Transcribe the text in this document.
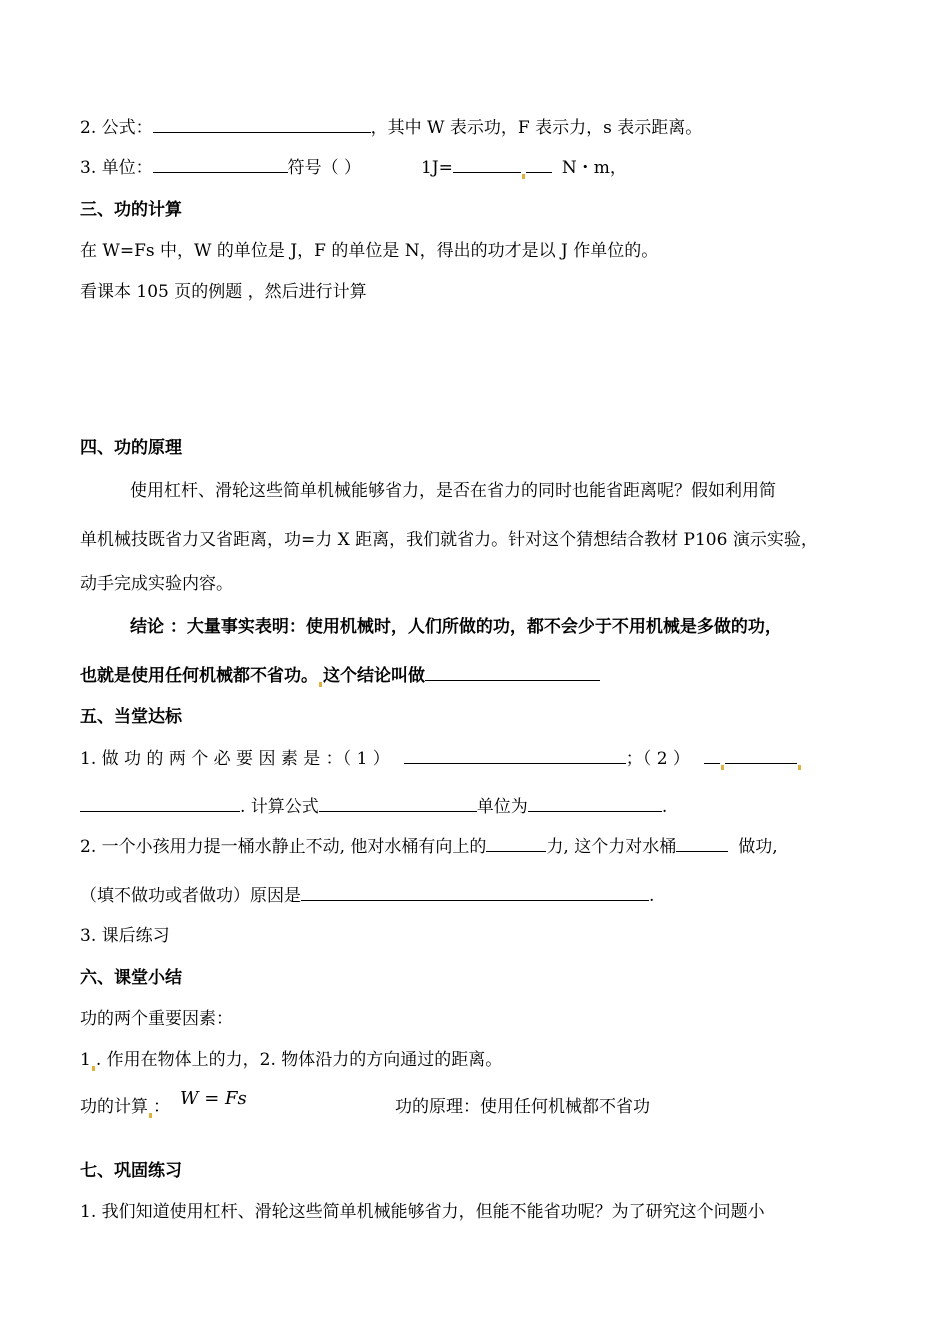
2. 公式：	，其中 W 表示功，F 表示力，s 表示距离。
3. 单位：	符号（ ）	1J=	N・m，
三、功的计算
在 W=Fs 中，W 的单位是 J，F 的单位是 N，得出的功才是以 J 作单位的。
看课本 105 页的例题 ，然后进行计算
四、功的原理
使用杠杆、滑轮这些简单机械能够省力，是否在省力的同时也能省距离呢？假如利用简
单机械技既省力又省距离，功=力 X 距离，我们就省力。针对这个猜想结合教材 P106 演示实验，
动手完成实验内容。
结论 ：大量事实表明：使用机械时，人们所做的功，都不会少于不用机械是多做的功，
也就是使用任何机械都不省功。 这个结论叫做
五、当堂达标
1. 做 功 的 两 个 必 要 因 素 是 ：（ 1 ）	；（ 2 ）
. 计算公式	单位为	.
2. 一个小孩用力提一桶水静止不动, 他对水桶有向上的	力, 这个力对水桶	做功,
（填不做功或者做功）原因是	.
3. 课后练习
六、课堂小结
功的两个重要因素：
1 . 作用在物体上的力，2. 物体沿力的方向通过的距离。
功的计算 ： W = Fs	功的原理：使用任何机械都不省功
七、巩固练习
1. 我们知道使用杠杆、滑轮这些简单机械能够省力，但能不能省功呢？为了研究这个问题小
